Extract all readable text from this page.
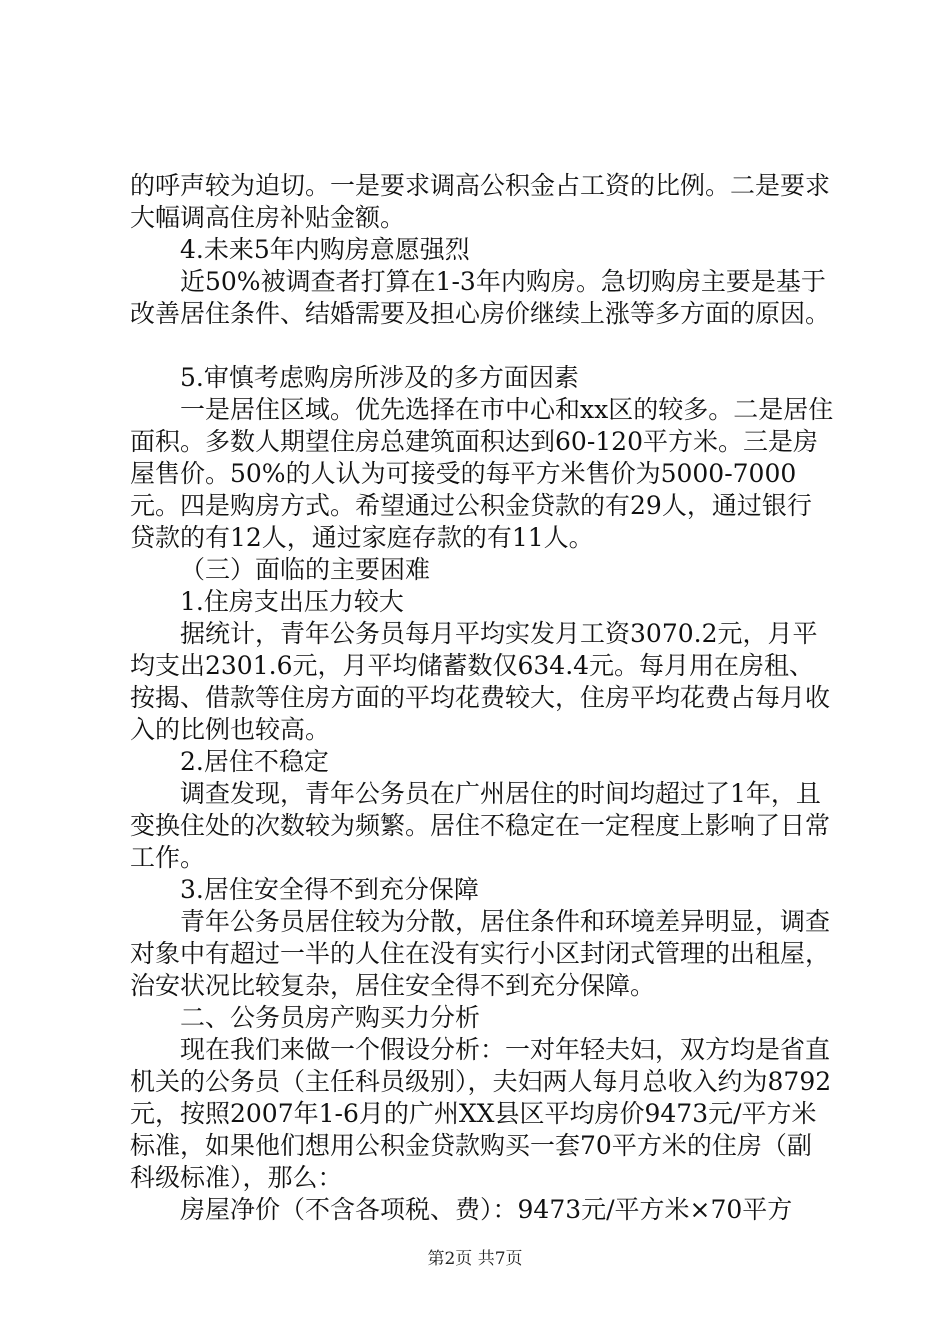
的呼声较为迫切。一是要求调高公积金占工资的比例。二是要求大幅调高住房补贴金额。

4.未来5年内购房意愿强烈

近50%被调查者打算在1-3年内购房。急切购房主要是基于改善居住条件、结婚需要及担心房价继续上涨等多方面的原因。

5.审慎考虑购房所涉及的多方面因素

一是居住区域。优先选择在市中心和xx区的较多。二是居住面积。多数人期望住房总建筑面积达到60-120平方米。三是房屋售价。50%的人认为可接受的每平方米售价为5000-7000元。四是购房方式。希望通过公积金贷款的有29人，通过银行贷款的有12人，通过家庭存款的有11人。

（三）面临的主要困难

1.住房支出压力较大

据统计，青年公务员每月平均实发月工资3070.2元，月平均支出2301.6元，月平均储蓄数仅634.4元。每月用在房租、按揭、借款等住房方面的平均花费较大，住房平均花费占每月收入的比例也较高。

2.居住不稳定

调查发现，青年公务员在广州居住的时间均超过了1年，且变换住处的次数较为频繁。居住不稳定在一定程度上影响了日常工作。

3.居住安全得不到充分保障

青年公务员居住较为分散，居住条件和环境差异明显，调查对象中有超过一半的人住在没有实行小区封闭式管理的出租屋，治安状况比较复杂，居住安全得不到充分保障。

二、公务员房产购买力分析

现在我们来做一个假设分析：一对年轻夫妇，双方均是省直机关的公务员（主任科员级别），夫妇两人每月总收入约为8792元，按照2007年1-6月的广州XX县区平均房价9473元/平方米标准，如果他们想用公积金贷款购买一套70平方米的住房（副科级标准），那么：

房屋净价（不含各项税、费）：9473元/平方米×70平方

第2页 共7页
